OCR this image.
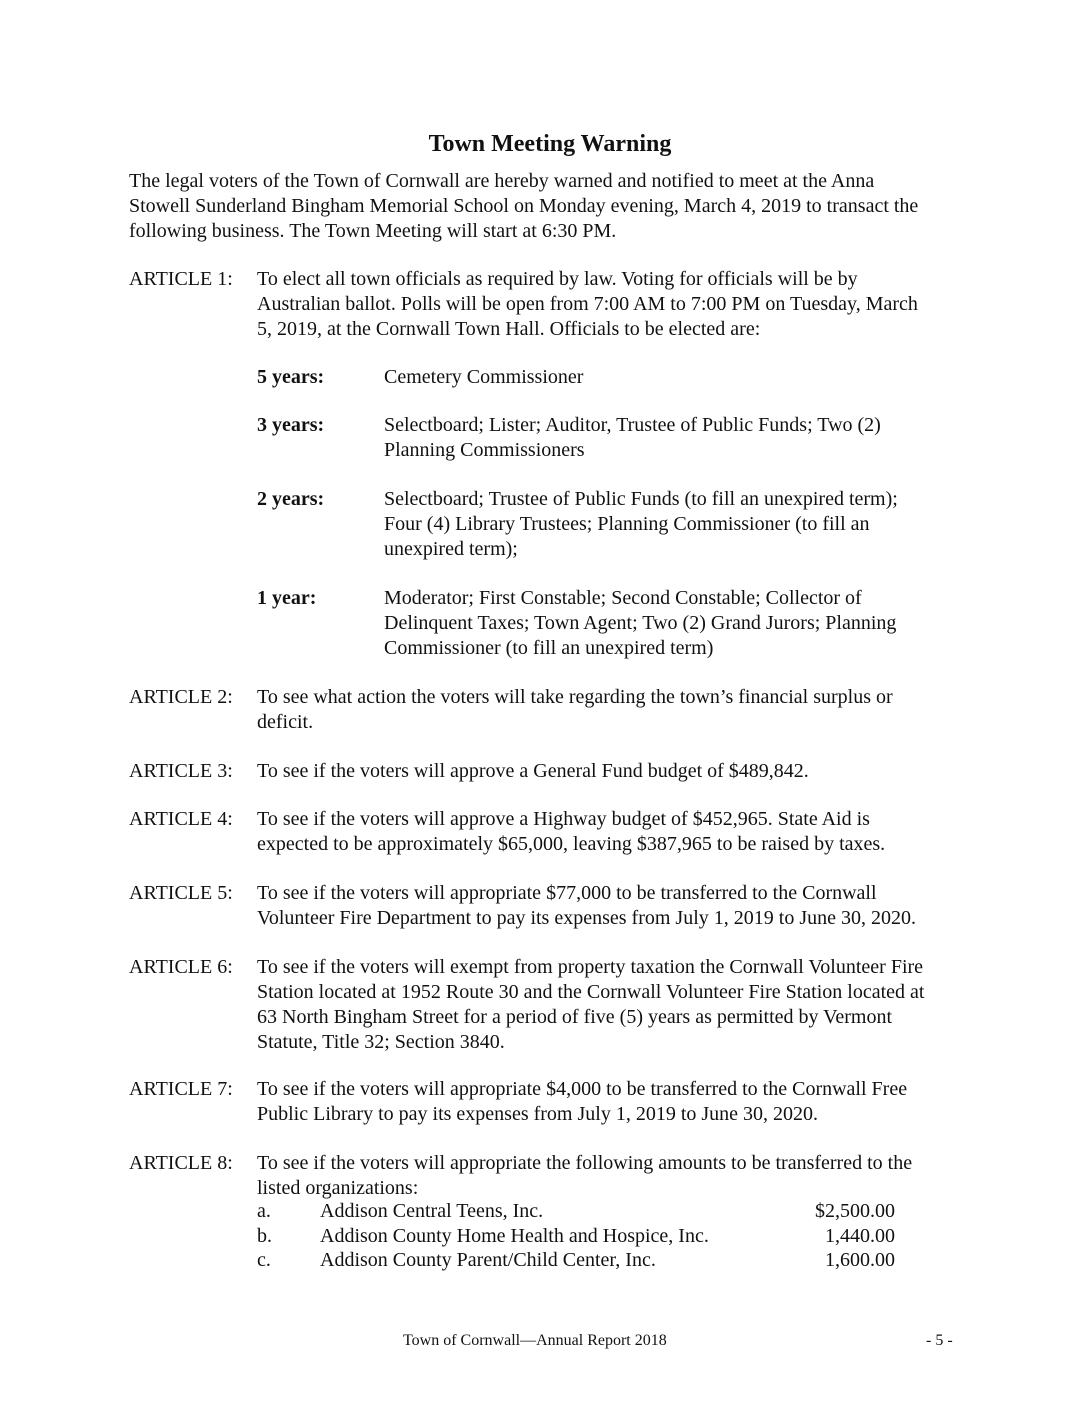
Town Meeting Warning
The legal voters of the Town of Cornwall are hereby warned and notified to meet at the Anna
Stowell Sunderland Bingham Memorial School on Monday evening, March 4, 2019 to transact the
following business. The Town Meeting will start at 6:30 PM.
ARTICLE 1: To elect all town officials as required by law. Voting for officials will be by
Australian ballot. Polls will be open from 7:00 AM to 7:00 PM on Tuesday, March
5, 2019, at the Cornwall Town Hall. Officials to be elected are:
5 years:	Cemetery Commissioner
3 years:	Selectboard; Lister; Auditor, Trustee of Public Funds; Two (2)
Planning Commissioners
2 years:	Selectboard; Trustee of Public Funds (to fill an unexpired term);
Four (4) Library Trustees; Planning Commissioner (to fill an
unexpired term);
1 year:	Moderator; First Constable; Second Constable; Collector of
Delinquent Taxes; Town Agent; Two (2) Grand Jurors; Planning
Commissioner (to fill an unexpired term)
ARTICLE 2: To see what action the voters will take regarding the town’s financial surplus or
deficit.
ARTICLE 3: To see if the voters will approve a General Fund budget of $489,842.
ARTICLE 4: To see if the voters will approve a Highway budget of $452,965. State Aid is
expected to be approximately $65,000, leaving $387,965 to be raised by taxes.
ARTICLE 5: To see if the voters will appropriate $77,000 to be transferred to the Cornwall
Volunteer Fire Department to pay its expenses from July 1, 2019 to June 30, 2020.
ARTICLE 6: To see if the voters will exempt from property taxation the Cornwall Volunteer Fire
Station located at 1952 Route 30 and the Cornwall Volunteer Fire Station located at
63 North Bingham Street for a period of five (5) years as permitted by Vermont
Statute, Title 32; Section 3840.
ARTICLE 7: To see if the voters will appropriate $4,000 to be transferred to the Cornwall Free
Public Library to pay its expenses from July 1, 2019 to June 30, 2020.
ARTICLE 8: To see if the voters will appropriate the following amounts to be transferred to the
listed organizations:
a. Addison Central Teens, Inc.	$2,500.00
b. Addison County Home Health and Hospice, Inc.	1,440.00
c. Addison County Parent/Child Center, Inc.	1,600.00
Town of Cornwall—Annual Report 2018	- 5 -
